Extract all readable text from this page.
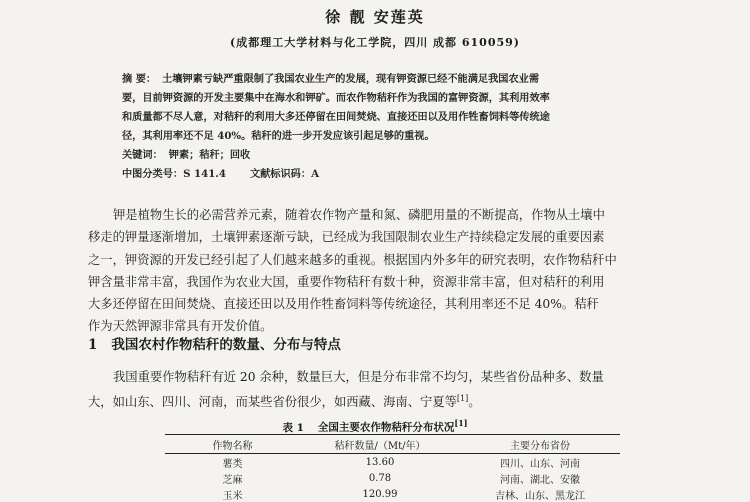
徐 靓 安莲英
(成都理工大学材料与化工学院，四川 成都 610059)
摘 要： 土壤钾素亏缺严重限制了我国农业生产的发展，现有钾资源已经不能满足我国农业需
要，目前钾资源的开发主要集中在海水和钾矿。而农作物秸秆作为我国的富钾资源，其利用效率
和质量都不尽人意，对秸秆的利用大多还停留在田间焚烧、直接还田以及用作牲畜饲料等传统途
径，其利用率还不足 40%。秸秆的进一步开发应该引起足够的重视。
关键词： 钾素；秸秆；回收
中图分类号：S 141.4 文献标识码：A
钾是植物生长的必需营养元素，随着农作物产量和氮、磷肥用量的不断提高，作物从土壤中
移走的钾量逐渐增加，土壤钾素逐渐亏缺，已经成为我国限制农业生产持续稳定发展的重要因素
之一，钾资源的开发已经引起了人们越来越多的重视。根据国内外多年的研究表明，农作物秸秆中
钾含量非常丰富，我国作为农业大国，重要作物秸秆有数十种，资源非常丰富，但对秸秆的利用
大多还停留在田间焚烧、直接还田以及用作牲畜饲料等传统途径，其利用率还不足 40%。秸秆
作为天然钾源非常具有开发价值。
1 我国农村作物秸秆的数量、分布与特点
我国重要作物秸秆有近 20 余种，数量巨大，但是分布非常不均匀，某些省份品种多、数量
大，如山东、四川、河南，而某些省份很少，如西藏、海南、宁夏等[1]。
表 1 全国主要农作物秸秆分布状况[1]
作物名称	秸秆数量/（Mt/年）	主要分布省份
薯类	13.60	四川、山东、河南
芝麻	0.78	河南、湖北、安徽
玉米	120.99	吉林、山东、黑龙江
